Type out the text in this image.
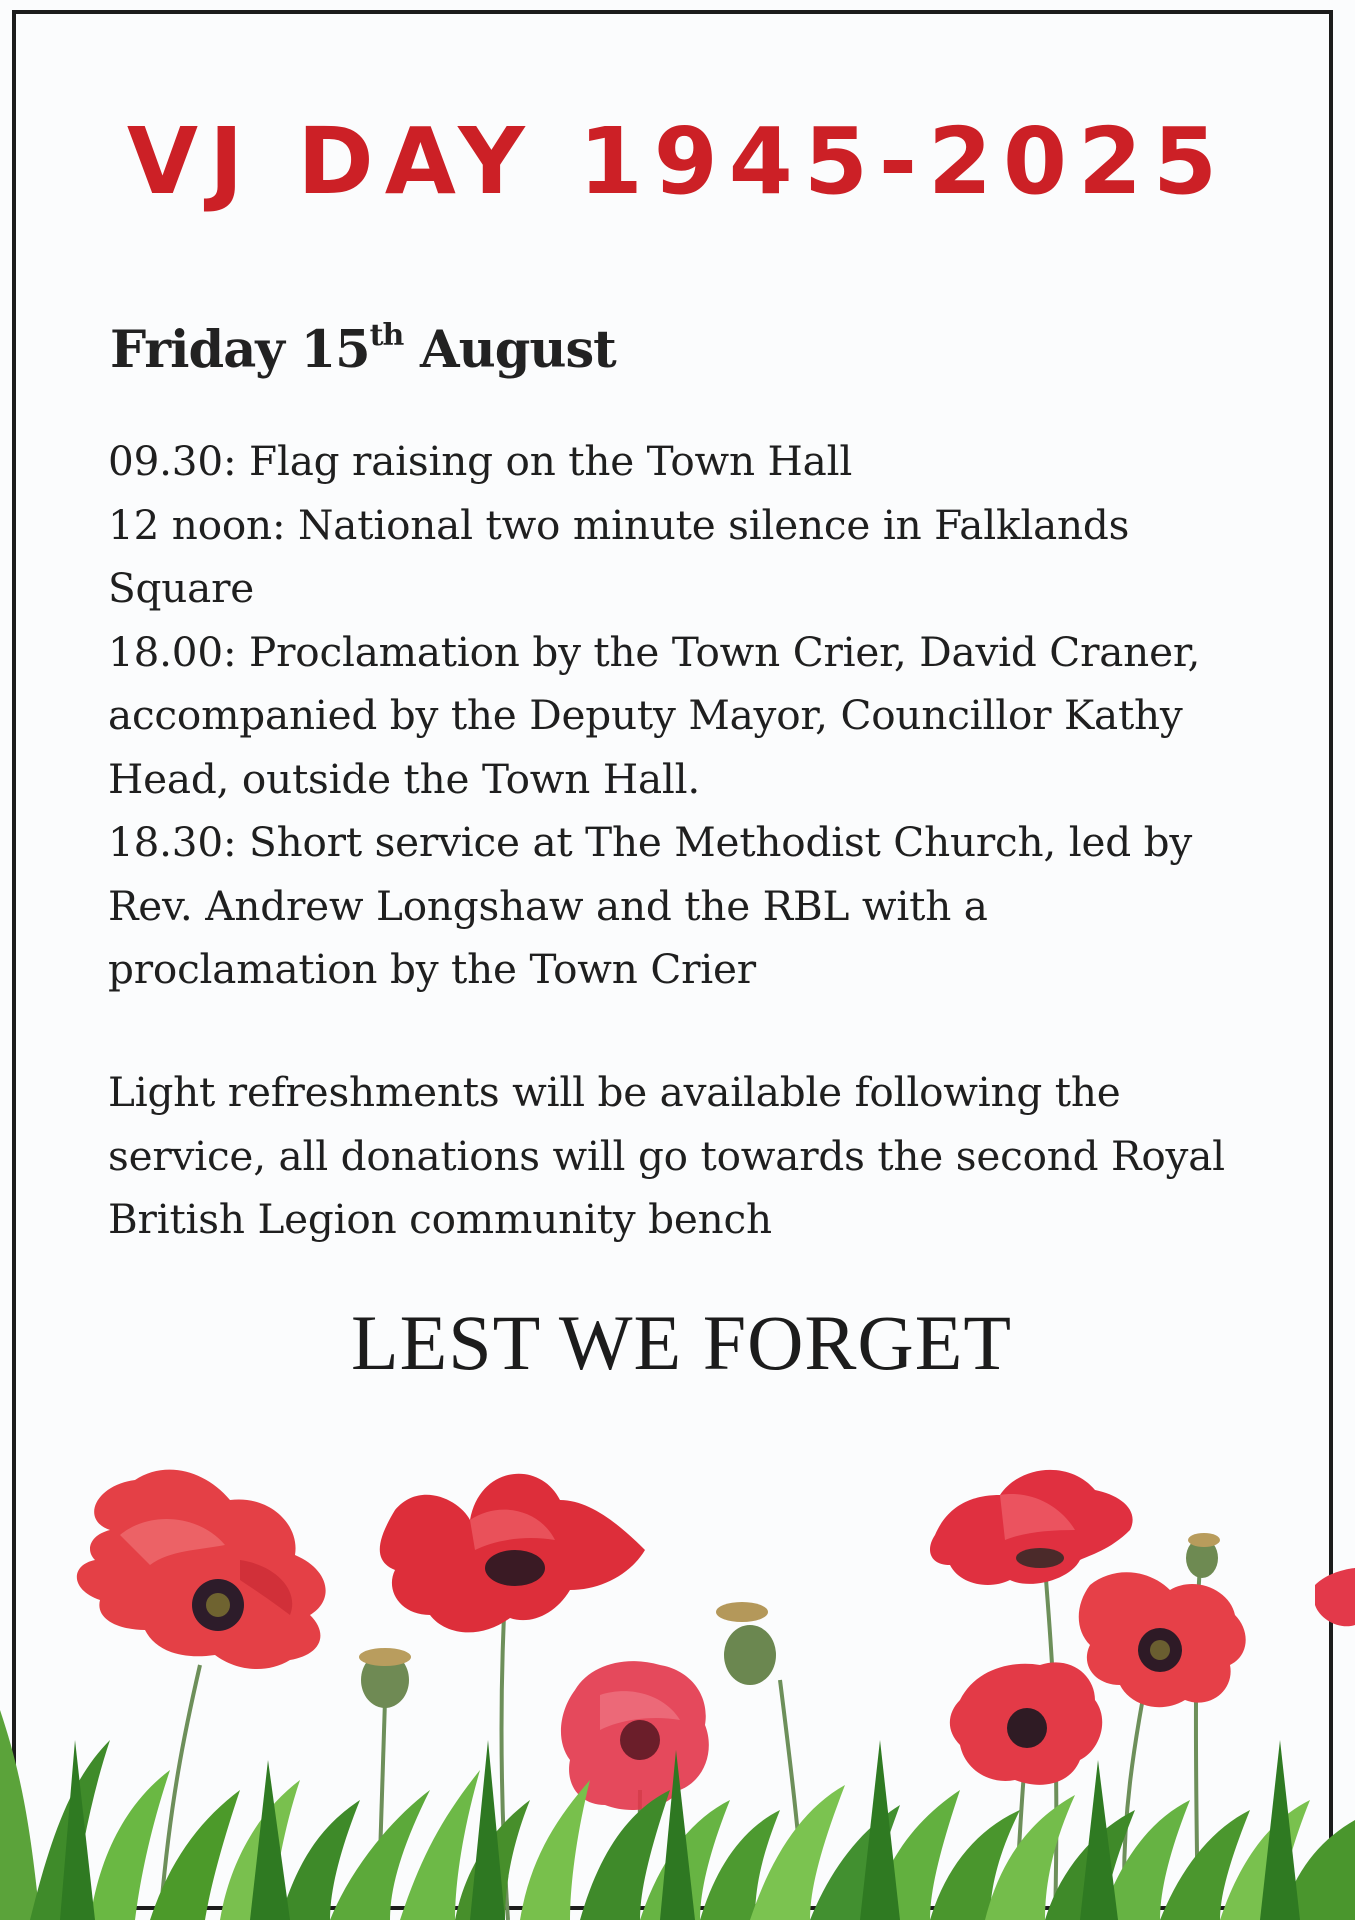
VJ DAY 1945-2025
Friday 15th August

09.30: Flag raising on the Town Hall

12 noon: National two minute silence in Falklands Square

18.00: Proclamation by the Town Crier, David Craner, accompanied by the Deputy Mayor, Councillor Kathy Head, outside the Town Hall.

18.30: Short service at The Methodist Church, led by Rev. Andrew Longshaw and the RBL with a proclamation by the Town Crier

Light refreshments will be available following the service, all donations will go towards the second Royal British Legion community bench
LEST WE FORGET
